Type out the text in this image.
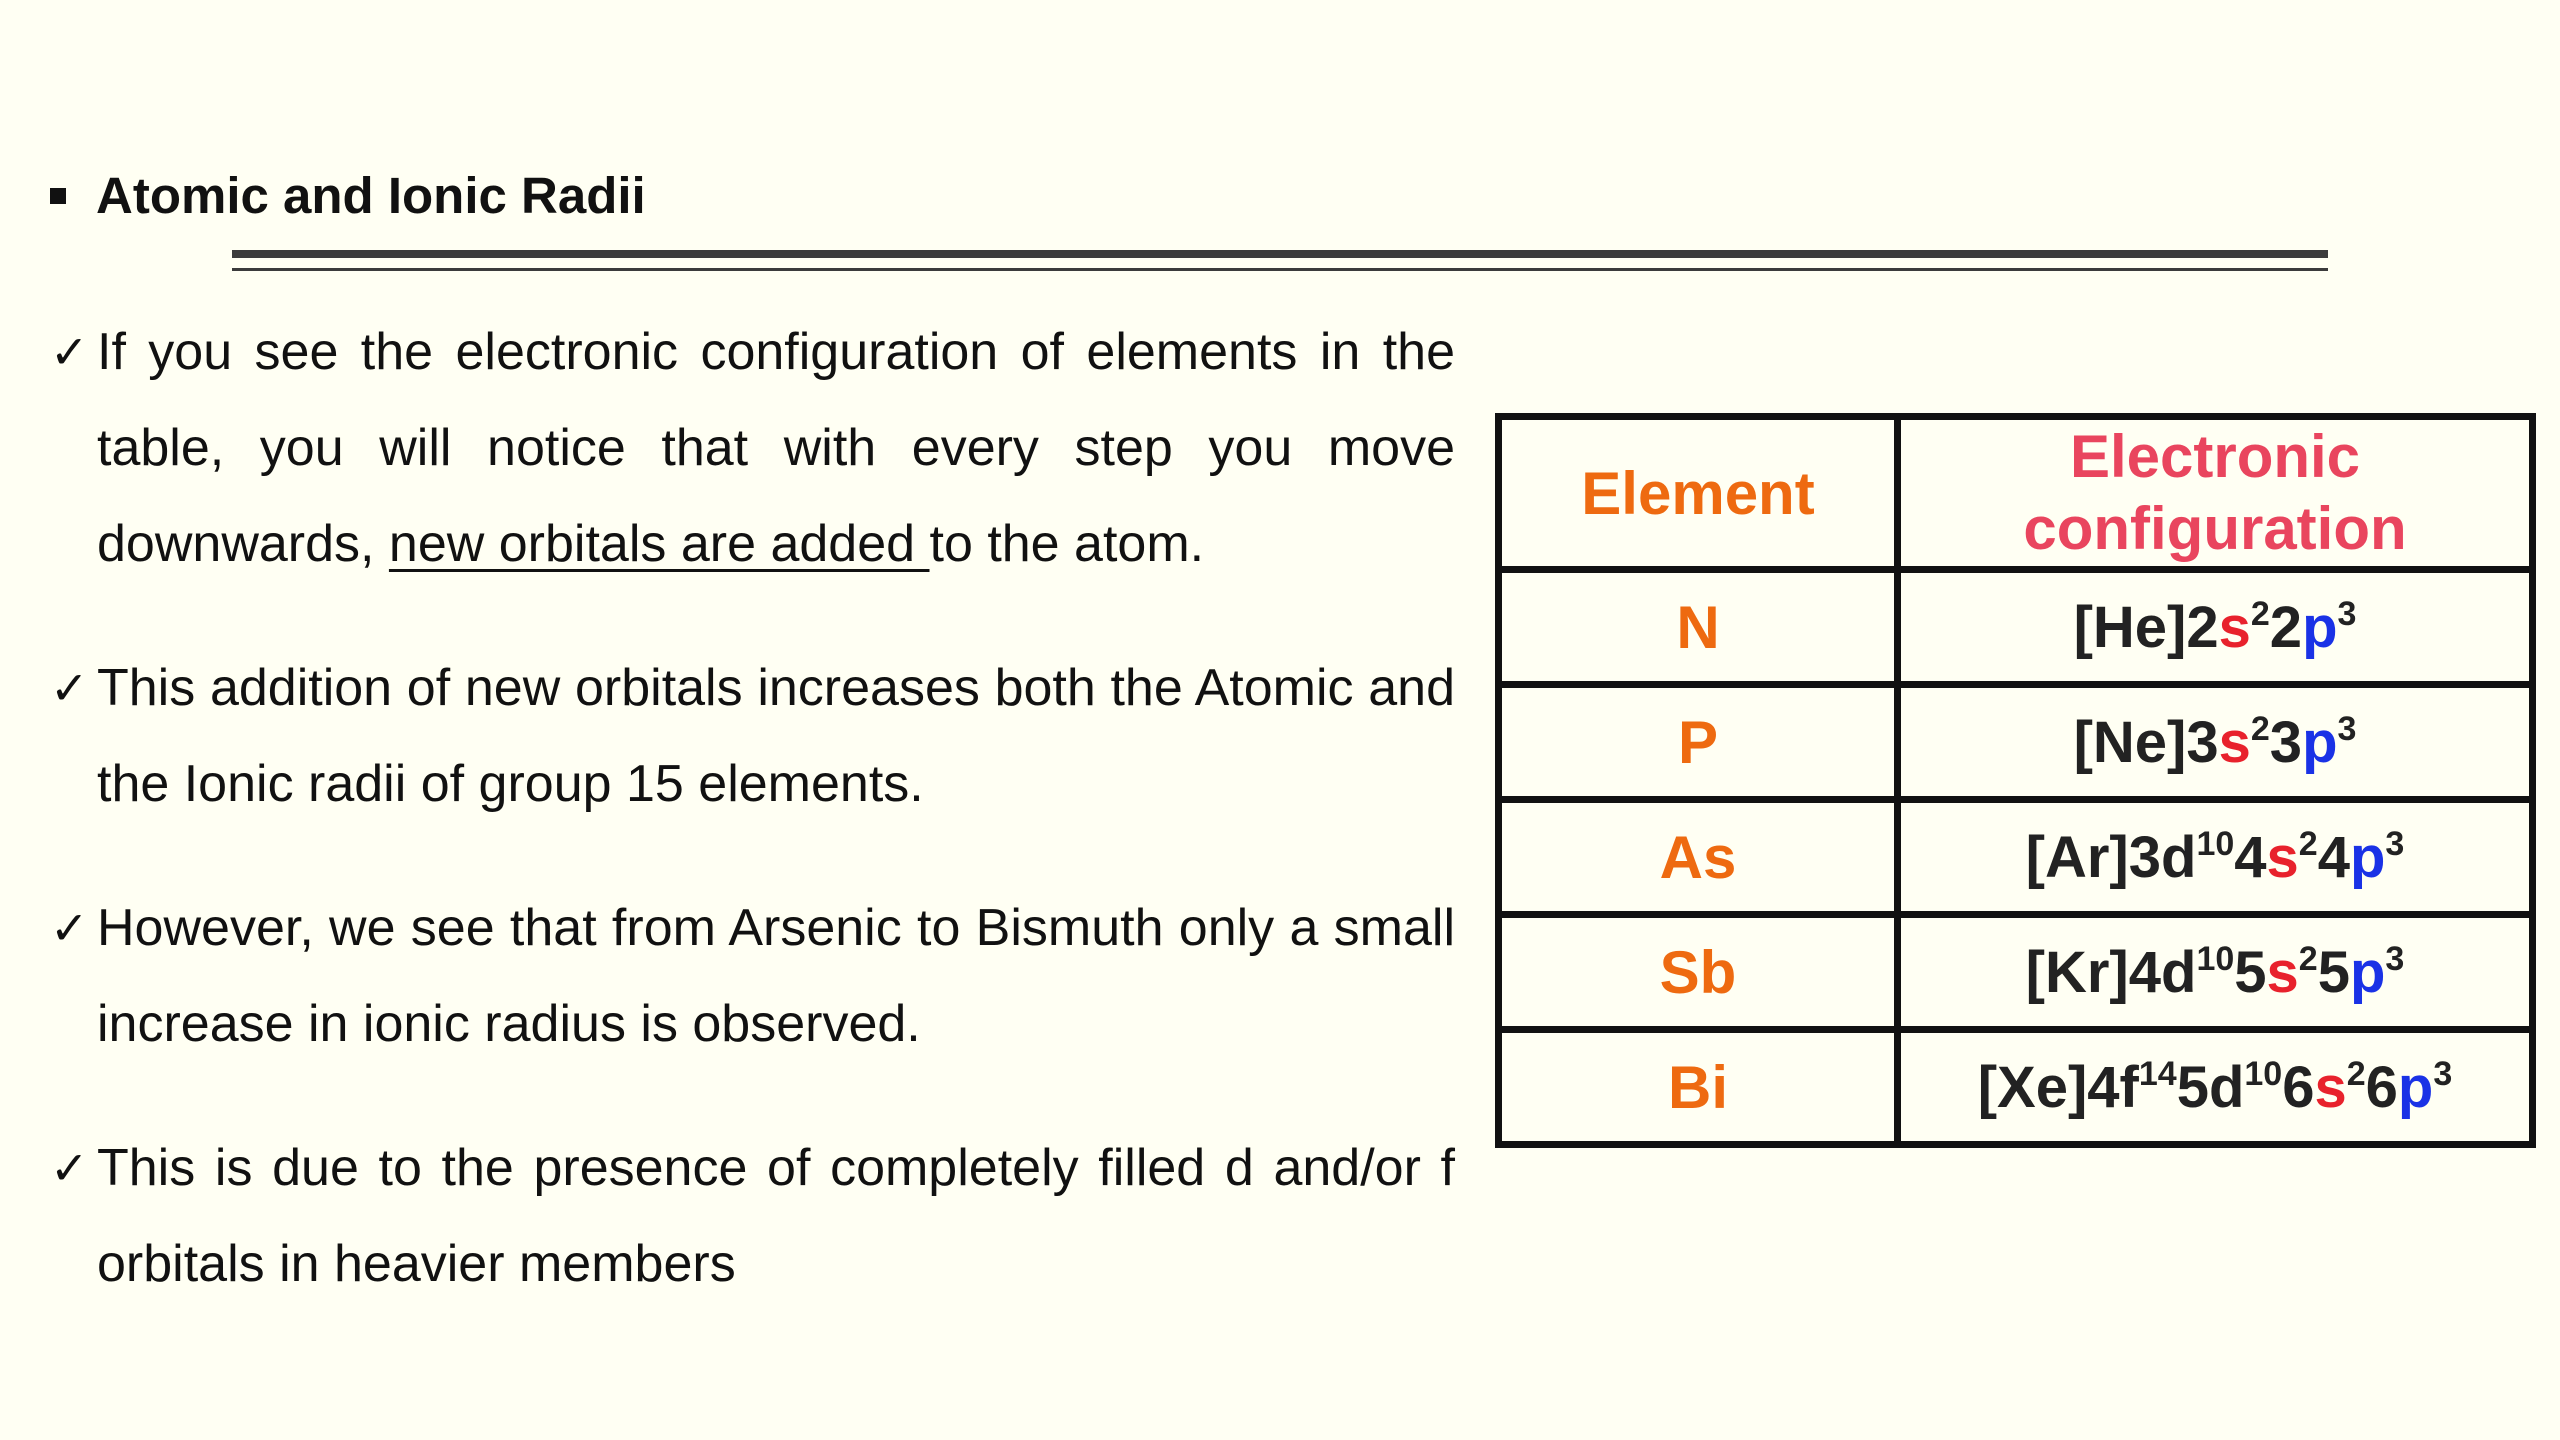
Atomic and Ionic Radii
✓ If you see the electronic configuration of elements in the table, you will notice that with every step you move downwards, new orbitals are added to the atom.
✓ This addition of new orbitals increases both the Atomic and the Ionic radii of group 15 elements.
✓ However, we see that from Arsenic to Bismuth only a small increase in ionic radius is observed.
✓ This is due to the presence of completely filled d and/or f orbitals in heavier members
Element	Electronic
configuration

N	$[He]2s^22p^3$
P	$[Ne]3s^23p^3$
As	$[Ar]3d^{10}4s^24p^3$
Sb	$[Kr]4d^{10}5s^25p^3$
Bi	$[Xe]4f^{14}5d^{10}6s^26p^3$
